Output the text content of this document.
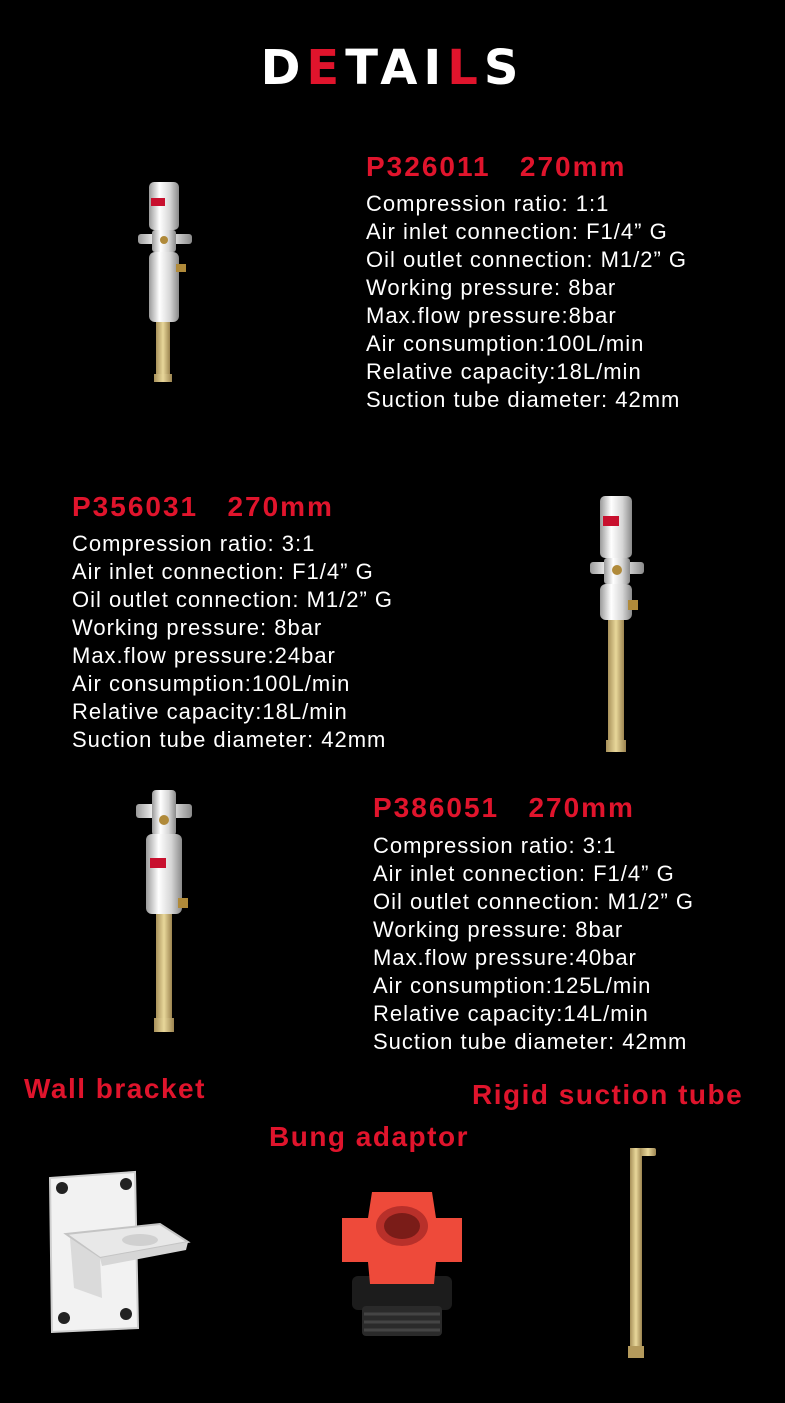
DETAILS
P326011   270mm
Compression ratio: 1:1
Air inlet connection: F1/4” G
Oil outlet connection: M1/2” G
Working pressure: 8bar
Max.flow pressure:8bar
Air consumption:100L/min
Relative capacity:18L/min
Suction tube diameter: 42mm
P356031   270mm
Compression ratio: 3:1
Air inlet connection: F1/4” G
Oil outlet connection: M1/2” G
Working pressure: 8bar
Max.flow pressure:24bar
Air consumption:100L/min
Relative capacity:18L/min
Suction tube diameter: 42mm
P386051   270mm
Compression ratio: 3:1
Air inlet connection: F1/4” G
Oil outlet connection: M1/2” G
Working pressure: 8bar
Max.flow pressure:40bar
Air consumption:125L/min
Relative capacity:14L/min
Suction tube diameter: 42mm
Wall bracket	Rigid suction tube
Bung adaptor
